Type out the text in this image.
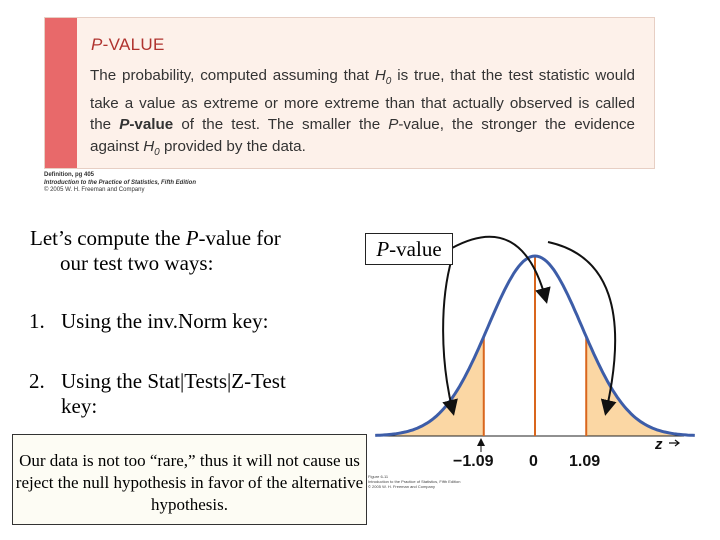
P-VALUE
The probability, computed assuming that $H_0$ is true, that the test statistic would take a value as extreme or more extreme than that actually observed is called the P-value of the test. The smaller the P-value, the stronger the evidence against $H_0$ provided by the data.
Definition, pg 405
Introduction to the Practice of Statistics, Fifth Edition
© 2005 W. H. Freeman and Company
Let’s compute the P-value for
our test two ways:
1. Using the inv.Norm key:
2. Using the Stat|Tests|Z-Test
key:
Our data is not too “rare,” thus it will not cause us reject the null hypothesis in favor of the alternative hypothesis.
−1.09 0 1.09
z
P-value
Figure 6-11
Introduction to the Practice of Statistics, Fifth Edition
© 2005 W. H. Freeman and Company
